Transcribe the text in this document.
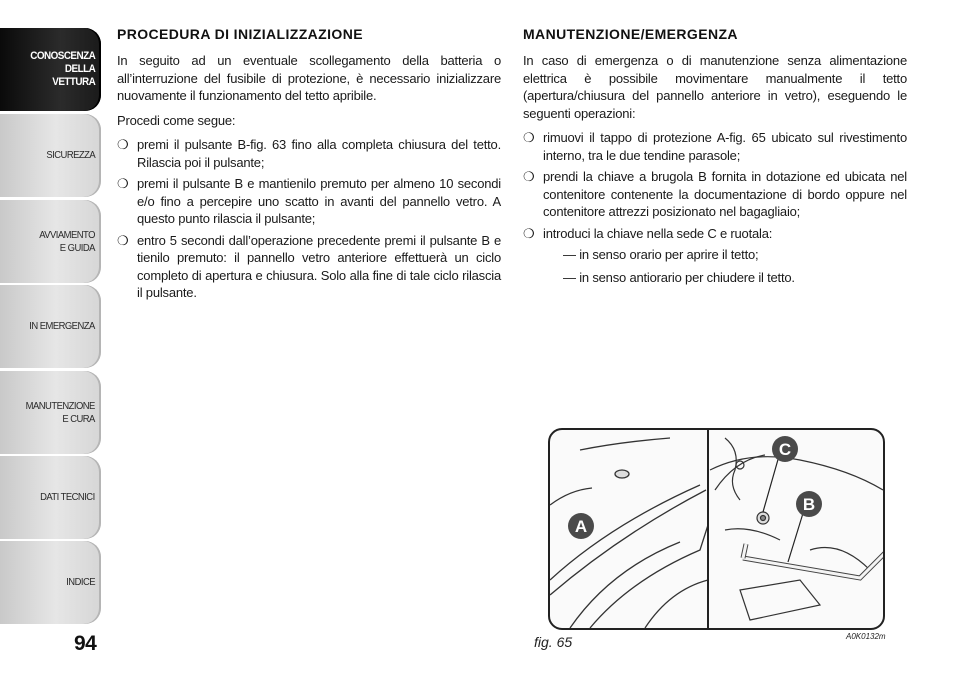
CONOSCENZA
DELLA
VETTURA
SICUREZZA
AVVIAMENTO
E GUIDA
IN EMERGENZA
MANUTENZIONE
E CURA
DATI TECNICI
INDICE
94
PROCEDURA DI INIZIALIZZAZIONE

In seguito ad un eventuale scollegamento della batteria o all’interruzione del fusibile di protezione, è necessario inizializzare nuovamente il funzionamento del tetto apribile.

Procedi come segue:

❍ premi il pulsante B-fig. 63 fino alla completa chiusura del tetto. Rilascia poi il pulsante;
❍ premi il pulsante B e mantienilo premuto per almeno 10 secondi e/o fino a percepire uno scatto in avanti del pannello vetro. A questo punto rilascia il pulsante;
❍ entro 5 secondi dall’operazione precedente premi il pulsante B e tienilo premuto: il pannello vetro anteriore effettuerà un ciclo completo di apertura e chiusura. Solo alla fine di tale ciclo rilascia il pulsante.
MANUTENZIONE/EMERGENZA

In caso di emergenza o di manutenzione senza alimentazione elettrica è possibile movimentare manualmente il tetto (apertura/chiusura del pannello anteriore in vetro), eseguendo le seguenti operazioni:

❍ rimuovi il tappo di protezione A-fig. 65 ubicato sul rivestimento interno, tra le due tendine parasole;
❍ prendi la chiave a brugola B fornita in dotazione ed ubicata nel contenitore contenente la documentazione di bordo oppure nel contenitore attrezzi posizionato nel bagagliaio;
❍ introduci la chiave nella sede C e ruotala:
— in senso orario per aprire il tetto;
— in senso antiorario per chiudere il tetto.
A
B
C
fig. 65	A0K0132m
